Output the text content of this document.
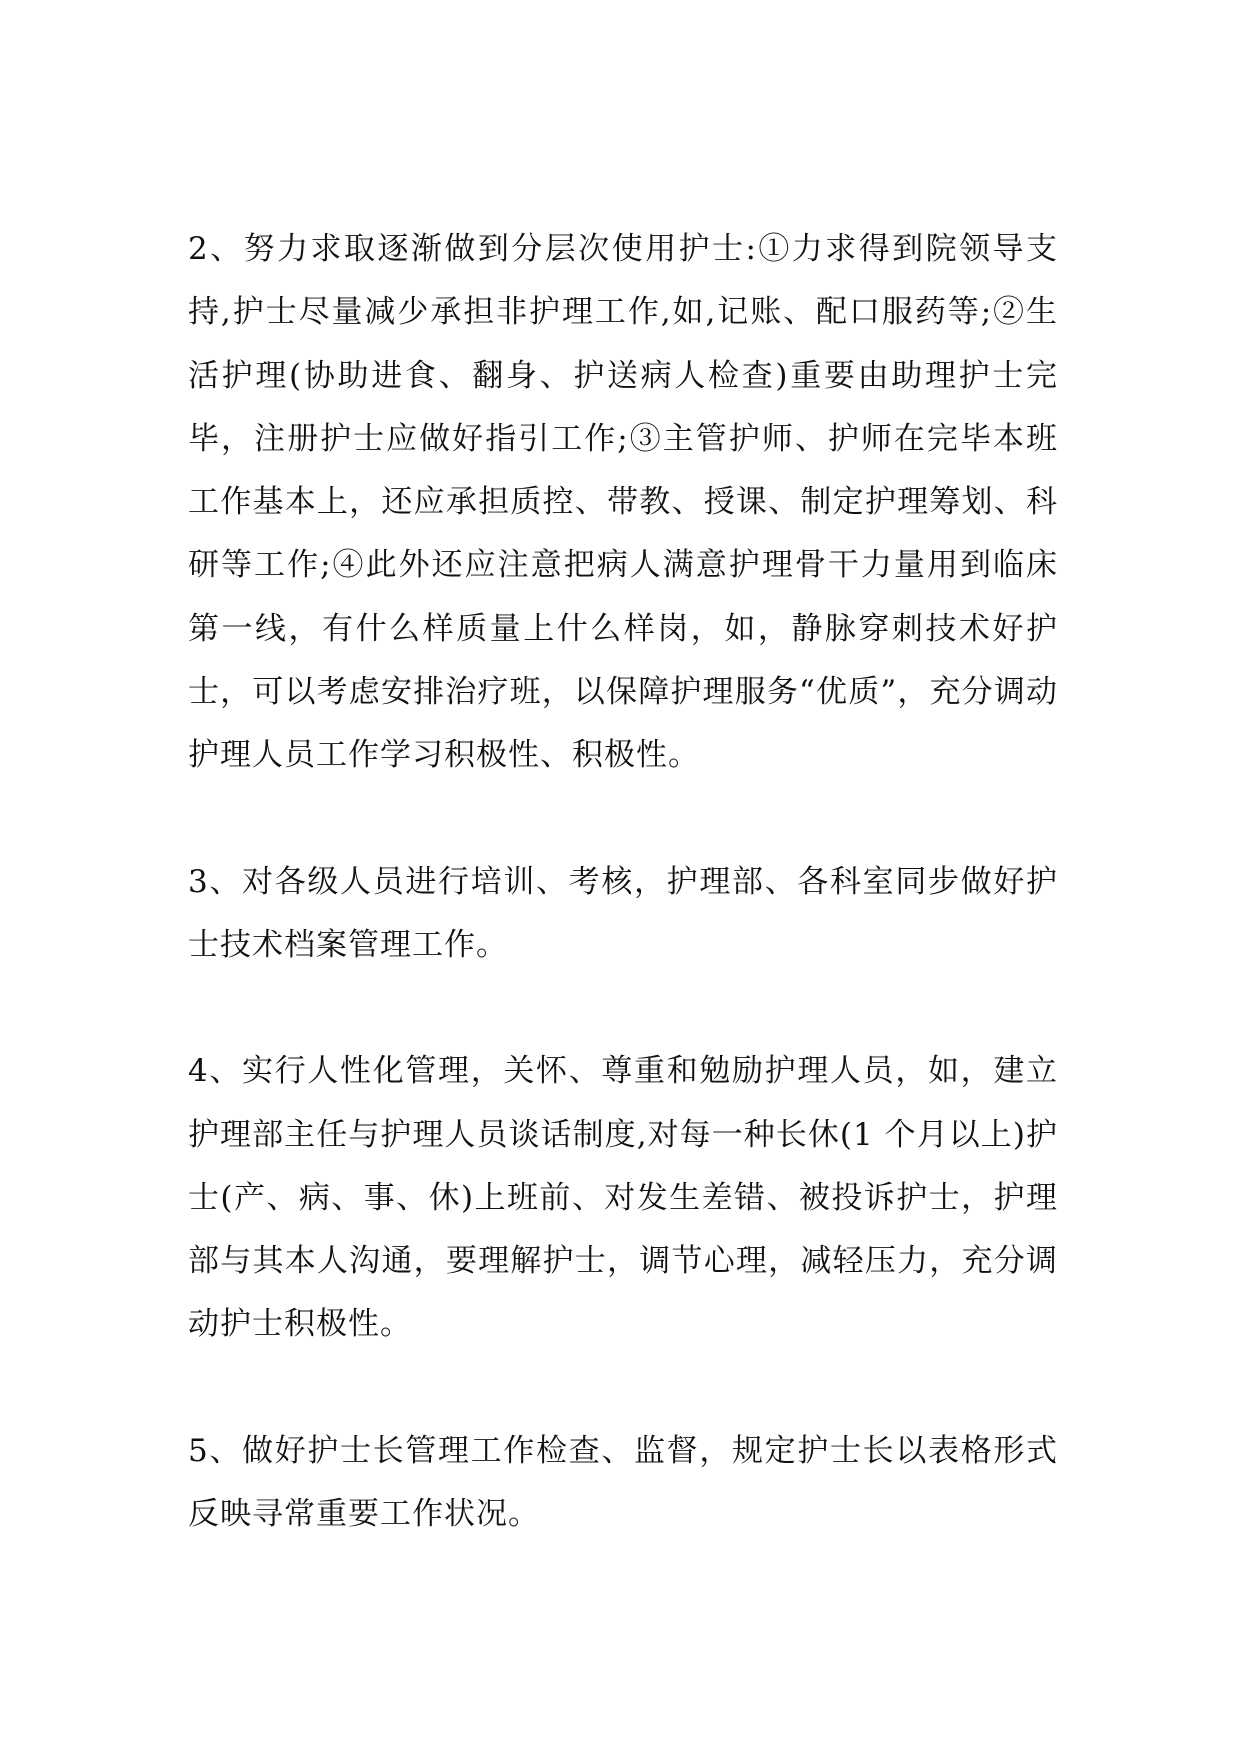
2、努力求取逐渐做到分层次使用护士:①力求得到院领导支持,护士尽量减少承担非护理工作,如,记账、配口服药等;②生活护理(协助进食、翻身、护送病人检查)重要由助理护士完毕，注册护士应做好指引工作;③主管护师、护师在完毕本班工作基本上，还应承担质控、带教、授课、制定护理筹划、科研等工作;④此外还应注意把病人满意护理骨干力量用到临床第一线，有什么样质量上什么样岗，如，静脉穿刺技术好护士，可以考虑安排治疗班，以保障护理服务“优质”，充分调动护理人员工作学习积极性、积极性。

3、对各级人员进行培训、考核，护理部、各科室同步做好护士技术档案管理工作。

4、实行人性化管理，关怀、尊重和勉励护理人员，如，建立护理部主任与护理人员谈话制度,对每一种长休(1 个月以上)护士(产、病、事、休)上班前、对发生差错、被投诉护士，护理部与其本人沟通，要理解护士，调节心理，减轻压力，充分调动护士积极性。

5、做好护士长管理工作检查、监督，规定护士长以表格形式反映寻常重要工作状况。
